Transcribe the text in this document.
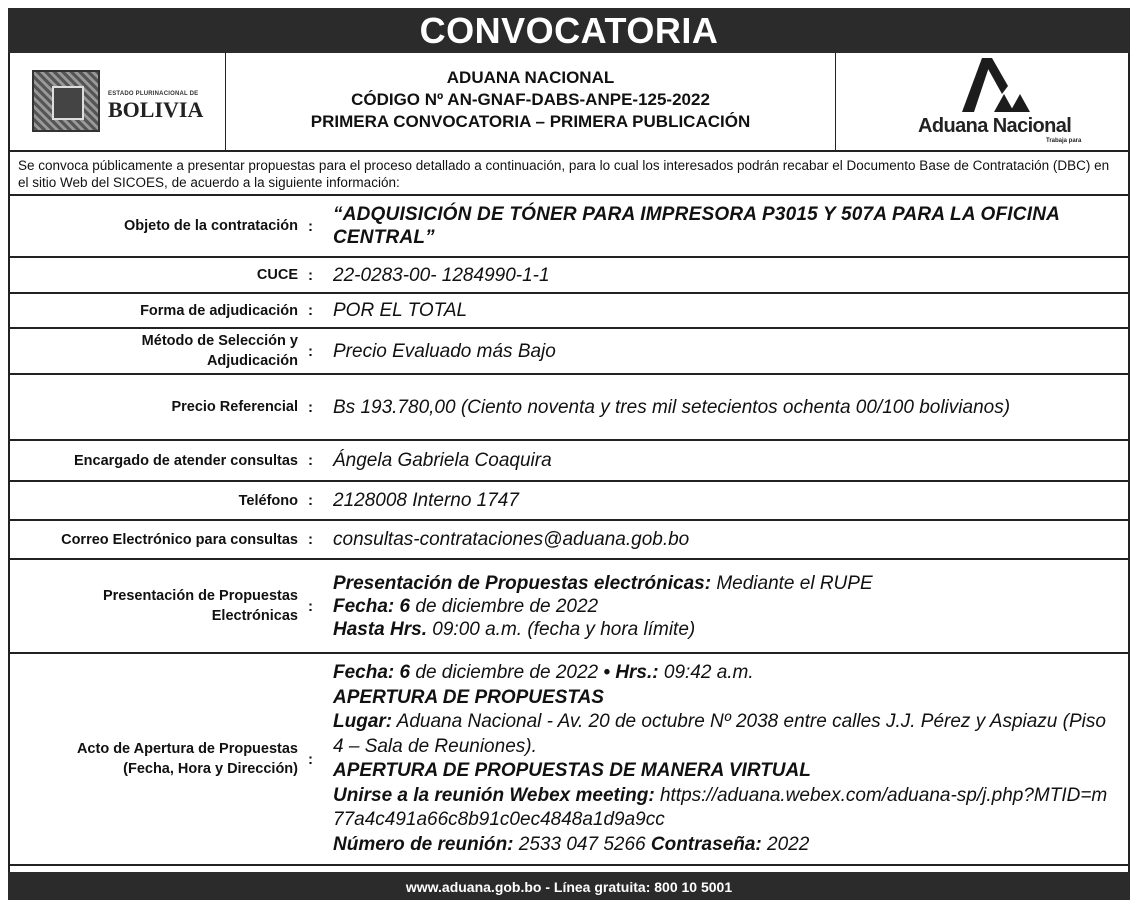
CONVOCATORIA
ESTADO PLURINACIONAL DE
BOLIVIA
ADUANA NACIONAL
CÓDIGO Nº AN-GNAF-DABS-ANPE-125-2022
PRIMERA CONVOCATORIA – PRIMERA PUBLICACIÓN	Aduana Nacional
Trabaja para
Se convoca públicamente a presentar propuestas para el proceso detallado a continuación, para lo cual los interesados podrán recabar el Documento Base de Contratación (DBC) en el sitio Web del SICOES, de acuerdo a la siguiente información:
Objeto de la contratación :
“ADQUISICIÓN DE TÓNER PARA IMPRESORA P3015 Y 507A PARA LA OFICINA CENTRAL”
CUCE : 22-0283-00- 1284990-1-1
Forma de adjudicación : POR EL TOTAL
Método de Selección y
Adjudicación
: Precio Evaluado más Bajo
Precio Referencial : Bs 193.780,00 (Ciento noventa y tres mil setecientos ochenta 00/100 bolivianos)
Encargado de atender consultas : Ángela Gabriela Coaquira
Teléfono : 2128008 Interno 1747
Correo Electrónico para consultas : consultas-contrataciones@aduana.gob.bo
Presentación de Propuestas
Electrónicas
:
Presentación de Propuestas electrónicas: Mediante el RUPE
Fecha: 6 de diciembre de 2022
Hasta Hrs. 09:00 a.m. (fecha y hora límite)
Acto de Apertura de Propuestas
(Fecha, Hora y Dirección)
:
Fecha: 6 de diciembre de 2022 • Hrs.: 09:42 a.m.
APERTURA DE PROPUESTAS
Lugar: Aduana Nacional - Av. 20 de octubre Nº 2038 entre calles J.J. Pérez y Aspiazu (Piso 4 – Sala de Reuniones).
APERTURA DE PROPUESTAS DE MANERA VIRTUAL
Unirse a la reunión Webex meeting: https://aduana.webex.com/aduana-sp/j.php?MTID=m77a4c491a66c8b91c0ec4848a1d9a9cc
Número de reunión: 2533 047 5266 Contraseña: 2022
www.aduana.gob.bo - Línea gratuita: 800 10 5001
